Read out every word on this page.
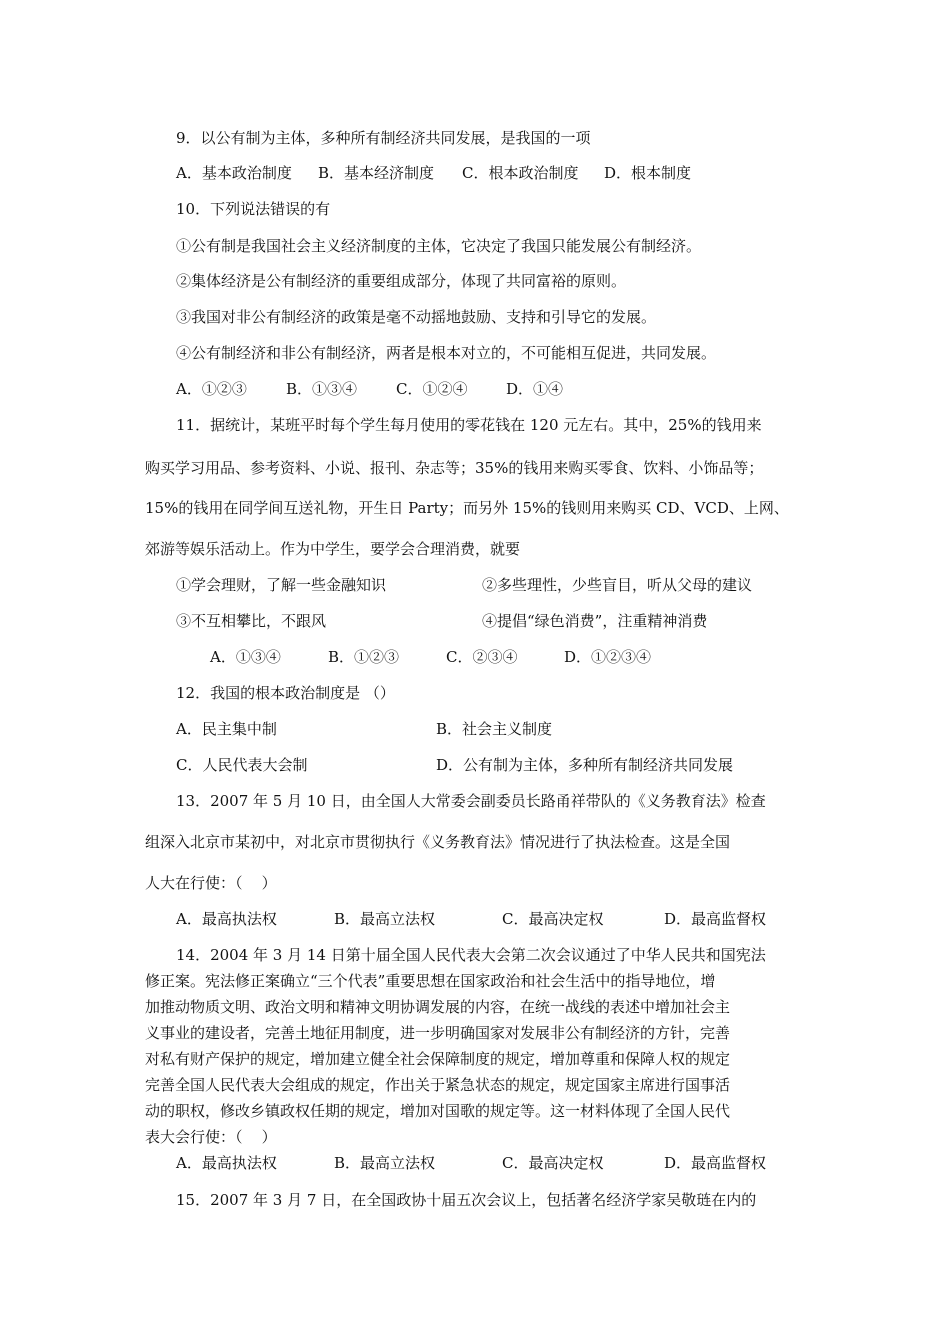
9．以公有制为主体，多种所有制经济共同发展，是我国的一项
A．基本政治制度 B．基本经济制度 C．根本政治制度 D．根本制度
10．下列说法错误的有
①公有制是我国社会主义经济制度的主体，它决定了我国只能发展公有制经济。
②集体经济是公有制经济的重要组成部分，体现了共同富裕的原则。
③我国对非公有制经济的政策是毫不动摇地鼓励、支持和引导它的发展。
④公有制经济和非公有制经济，两者是根本对立的，不可能相互促进，共同发展。
A．①②③	B．①③④	C．①②④	D．①④
11．据统计，某班平时每个学生每月使用的零花钱在 120 元左右。其中，25%的钱用来
购买学习用品、参考资料、小说、报刊、杂志等；35%的钱用来购买零食、饮料、小饰品等；
15%的钱用在同学间互送礼物，开生日 Party；而另外 15%的钱则用来购买 CD、VCD、上网、
郊游等娱乐活动上。作为中学生，要学会合理消费，就要
①学会理财，了解一些金融知识	②多些理性，少些盲目，听从父母的建议
③不互相攀比，不跟风	④提倡“绿色消费”，注重精神消费
A．①③④	B．①②③	C．②③④	D．①②③④
12．我国的根本政治制度是 （）
A．民主集中制	B．社会主义制度
C．人民代表大会制	D．公有制为主体，多种所有制经济共同发展
13．2007 年 5 月 10 日，由全国人大常委会副委员长路甬祥带队的《义务教育法》检查
组深入北京市某初中，对北京市贯彻执行《义务教育法》情况进行了执法检查。这是全国
人大在行使：（    ）
A．最高执法权	B．最高立法权	C．最高决定权	D．最高监督权
14．2004 年 3 月 14 日第十届全国人民代表大会第二次会议通过了中华人民共和国宪法
修正案。宪法修正案确立“三个代表”重要思想在国家政治和社会生活中的指导地位，增
加推动物质文明、政治文明和精神文明协调发展的内容，在统一战线的表述中增加社会主
义事业的建设者，完善土地征用制度，进一步明确国家对发展非公有制经济的方针，完善
对私有财产保护的规定，增加建立健全社会保障制度的规定，增加尊重和保障人权的规定
完善全国人民代表大会组成的规定，作出关于紧急状态的规定，规定国家主席进行国事活
动的职权，修改乡镇政权任期的规定，增加对国歌的规定等。这一材料体现了全国人民代
表大会行使：（    ）
A．最高执法权	B．最高立法权	C．最高决定权	D．最高监督权
15．2007 年 3 月 7 日，在全国政协十届五次会议上，包括著名经济学家吴敬琏在内的
